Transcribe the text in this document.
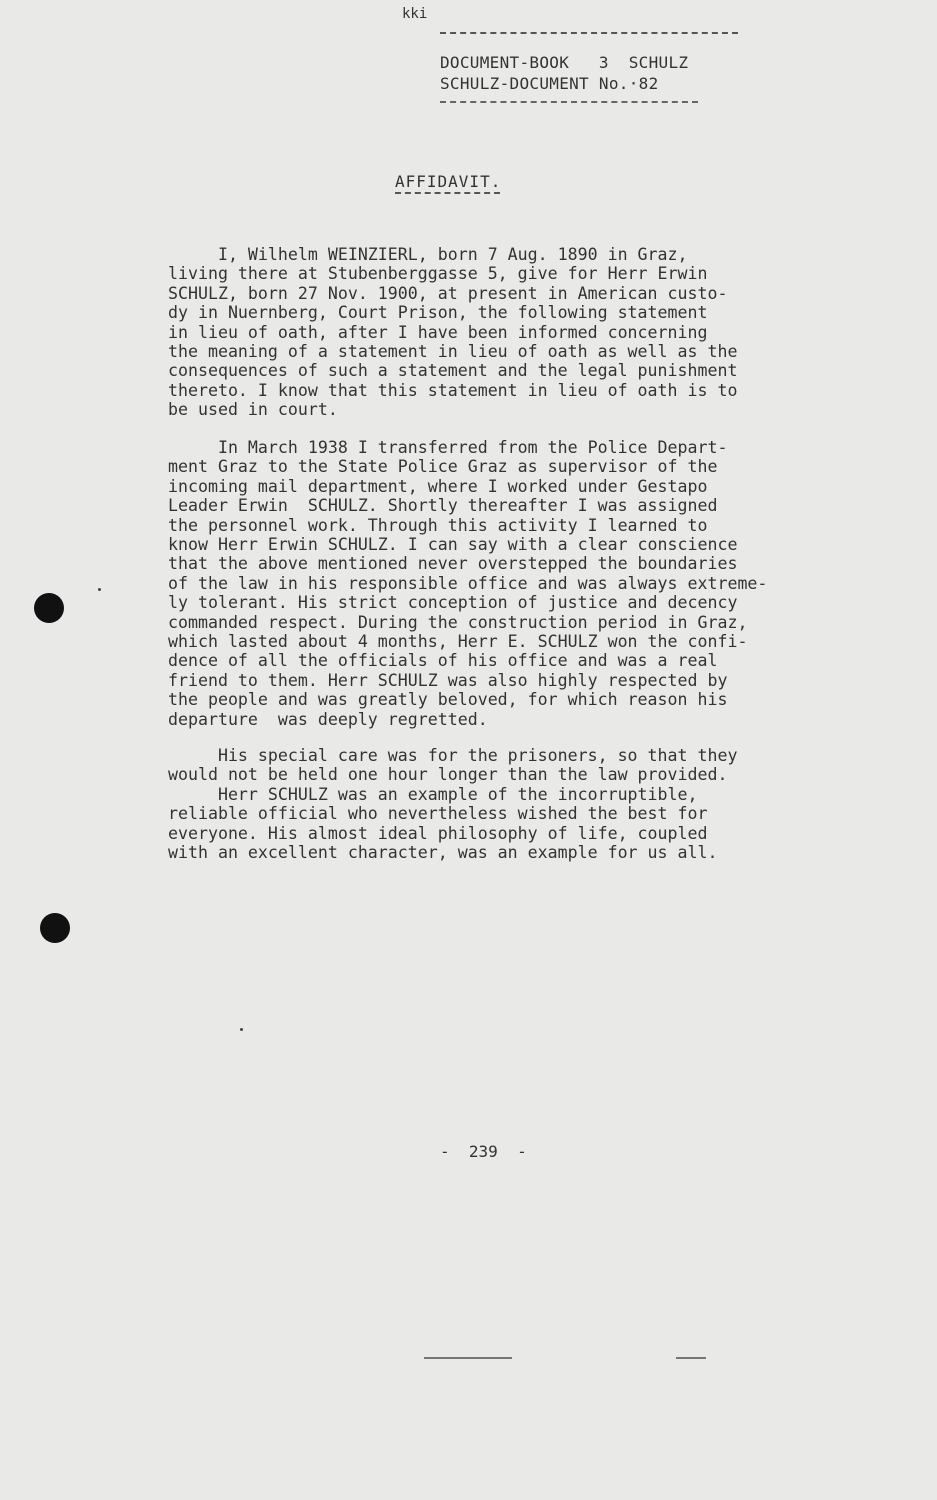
kki
DOCUMENT-BOOK   3  SCHULZ
SCHULZ-DOCUMENT No.·82
AFFIDAVIT.
I, Wilhelm WEINZIERL, born 7 Aug. 1890 in Graz,
living there at Stubenberggasse 5, give for Herr Erwin
SCHULZ, born 27 Nov. 1900, at present in American custo-
dy in Nuernberg, Court Prison, the following statement
in lieu of oath, after I have been informed concerning
the meaning of a statement in lieu of oath as well as the
consequences of such a statement and the legal punishment
thereto. I know that this statement in lieu of oath is to
be used in court.
In March 1938 I transferred from the Police Depart-
ment Graz to the State Police Graz as supervisor of the
incoming mail department, where I worked under Gestapo
Leader Erwin  SCHULZ. Shortly thereafter I was assigned
the personnel work. Through this activity I learned to
know Herr Erwin SCHULZ. I can say with a clear conscience
that the above mentioned never overstepped the boundaries
of the law in his responsible office and was always extreme-
ly tolerant. His strict conception of justice and decency
commanded respect. During the construction period in Graz,
which lasted about 4 months, Herr E. SCHULZ won the confi-
dence of all the officials of his office and was a real
friend to them. Herr SCHULZ was also highly respected by
the people and was greatly beloved, for which reason his
departure  was deeply regretted.
His special care was for the prisoners, so that they
would not be held one hour longer than the law provided.
Herr SCHULZ was an example of the incorruptible,
reliable official who nevertheless wished the best for
everyone. His almost ideal philosophy of life, coupled
with an excellent character, was an example for us all.
-  239  -
